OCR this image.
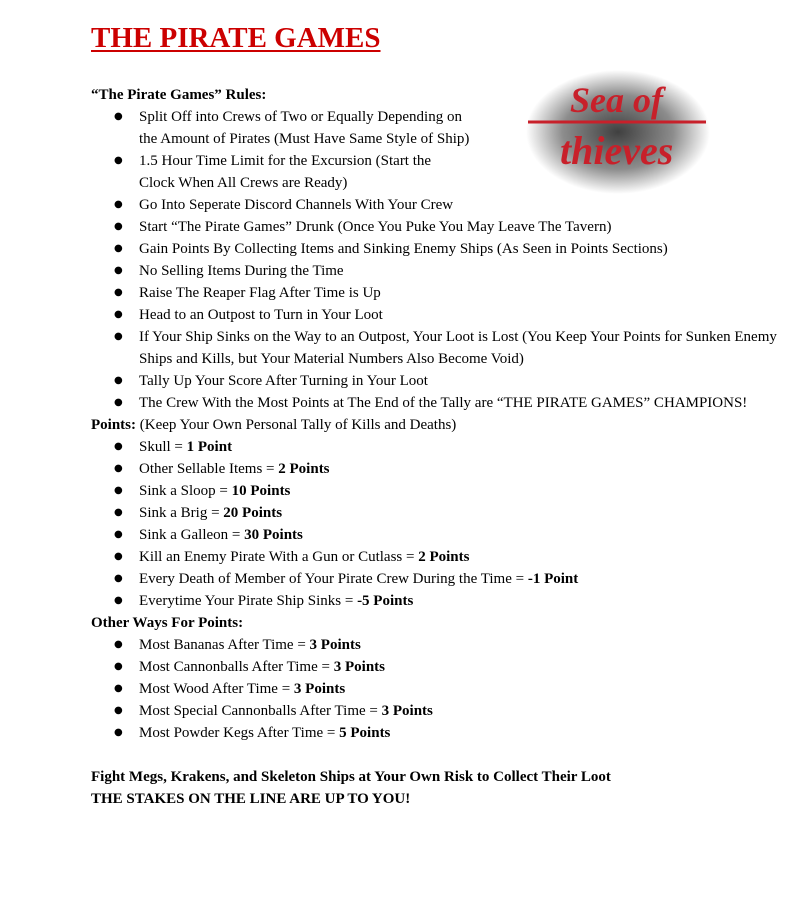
THE PIRATE GAMES
Sea of
thieves
“The Pirate Games” Rules:
● Split Off into Crews of Two or Equally Depending on the Amount of Pirates (Must Have Same Style of Ship)
● 1.5 Hour Time Limit for the Excursion (Start the Clock When All Crews are Ready)
● Go Into Seperate Discord Channels With Your Crew
● Start “The Pirate Games” Drunk (Once You Puke You May Leave The Tavern)
● Gain Points By Collecting Items and Sinking Enemy Ships (As Seen in Points Sections)
● No Selling Items During the Time
● Raise The Reaper Flag After Time is Up
● Head to an Outpost to Turn in Your Loot
● If Your Ship Sinks on the Way to an Outpost, Your Loot is Lost (You Keep Your Points for Sunken Enemy Ships and Kills, but Your Material Numbers Also Become Void)
● Tally Up Your Score After Turning in Your Loot
● The Crew With the Most Points at The End of the Tally are “THE PIRATE GAMES” CHAMPIONS!
Points: (Keep Your Own Personal Tally of Kills and Deaths)
● Skull = 1 Point
● Other Sellable Items = 2 Points
● Sink a Sloop = 10 Points
● Sink a Brig = 20 Points
● Sink a Galleon = 30 Points
● Kill an Enemy Pirate With a Gun or Cutlass = 2 Points
● Every Death of Member of Your Pirate Crew During the Time = -1 Point
● Everytime Your Pirate Ship Sinks = -5 Points
Other Ways For Points:
● Most Bananas After Time = 3 Points
● Most Cannonballs After Time = 3 Points
● Most Wood After Time = 3 Points
● Most Special Cannonballs After Time = 3 Points
● Most Powder Kegs After Time = 5 Points
Fight Megs, Krakens, and Skeleton Ships at Your Own Risk to Collect Their Loot
THE STAKES ON THE LINE ARE UP TO YOU!
